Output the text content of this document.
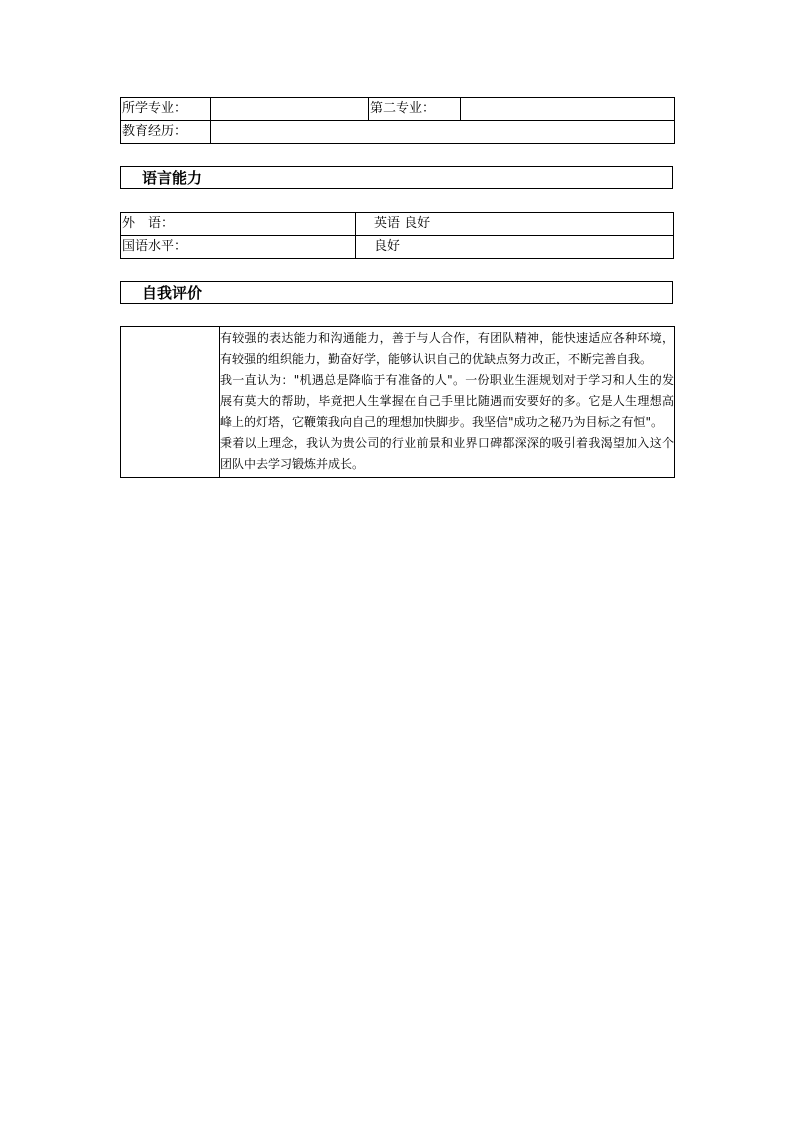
所学专业：		第二专业：	
教育经历：			
语言能力
外　语：	英语 良好
国语水平：	良好
自我评价

有较强的表达能力和沟通能力，善于与人合作，有团队精神，能快速适应各种环境，有较强的组织能力，勤奋好学，能够认识自己的优缺点努力改正，不断完善自我。

我一直认为："机遇总是降临于有准备的人"。一份职业生涯规划对于学习和人生的发展有莫大的帮助，毕竟把人生掌握在自己手里比随遇而安要好的多。它是人生理想高峰上的灯塔，它鞭策我向自己的理想加快脚步。我坚信"成功之秘乃为目标之有恒"。

秉着以上理念，我认为贵公司的行业前景和业界口碑都深深的吸引着我渴望加入这个团队中去学习锻炼并成长。
